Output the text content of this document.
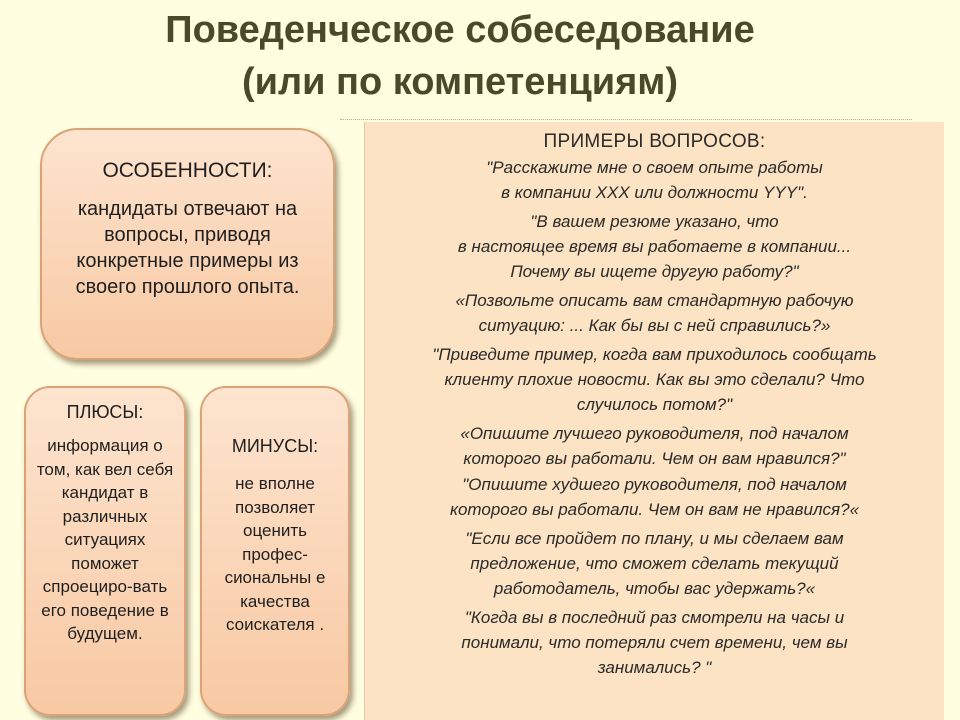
Поведенческое собеседование
(или по компетенциям)
ОСОБЕННОСТИ:
кандидаты отвечают на вопросы, приводя конкретные примеры из своего прошлого опыта.
ПЛЮСЫ:
информация о том, как вел себя кандидат в различных ситуациях поможет спроециро-вать его поведение в будущем.
МИНУСЫ:
не вполне позволяет оценить профес-сиональны е качества соискателя .
ПРИМЕРЫ ВОПРОСОВ:
"Расскажите мне о своем опыте работы
в компании XXX или должности YYY".
"В вашем резюме указано, что
в настоящее время вы работаете в компании...
Почему вы ищете другую работу?"
«Позвольте описать вам стандартную рабочую
ситуацию: ... Как бы вы с ней справились?»
"Приведите пример, когда вам приходилось сообщать
клиенту плохие новости. Как вы это сделали? Что
случилось потом?"
«Опишите лучшего руководителя, под началом
которого вы работали. Чем он вам нравился?"
"Опишите худшего руководителя, под началом
которого вы работали. Чем он вам не нравился?«
"Если все пройдет по плану, и мы сделаем вам
предложение, что сможет сделать текущий
работодатель, чтобы вас удержать?«
"Когда вы в последний раз смотрели на часы и
понимали, что потеряли счет времени, чем вы
занимались? "
